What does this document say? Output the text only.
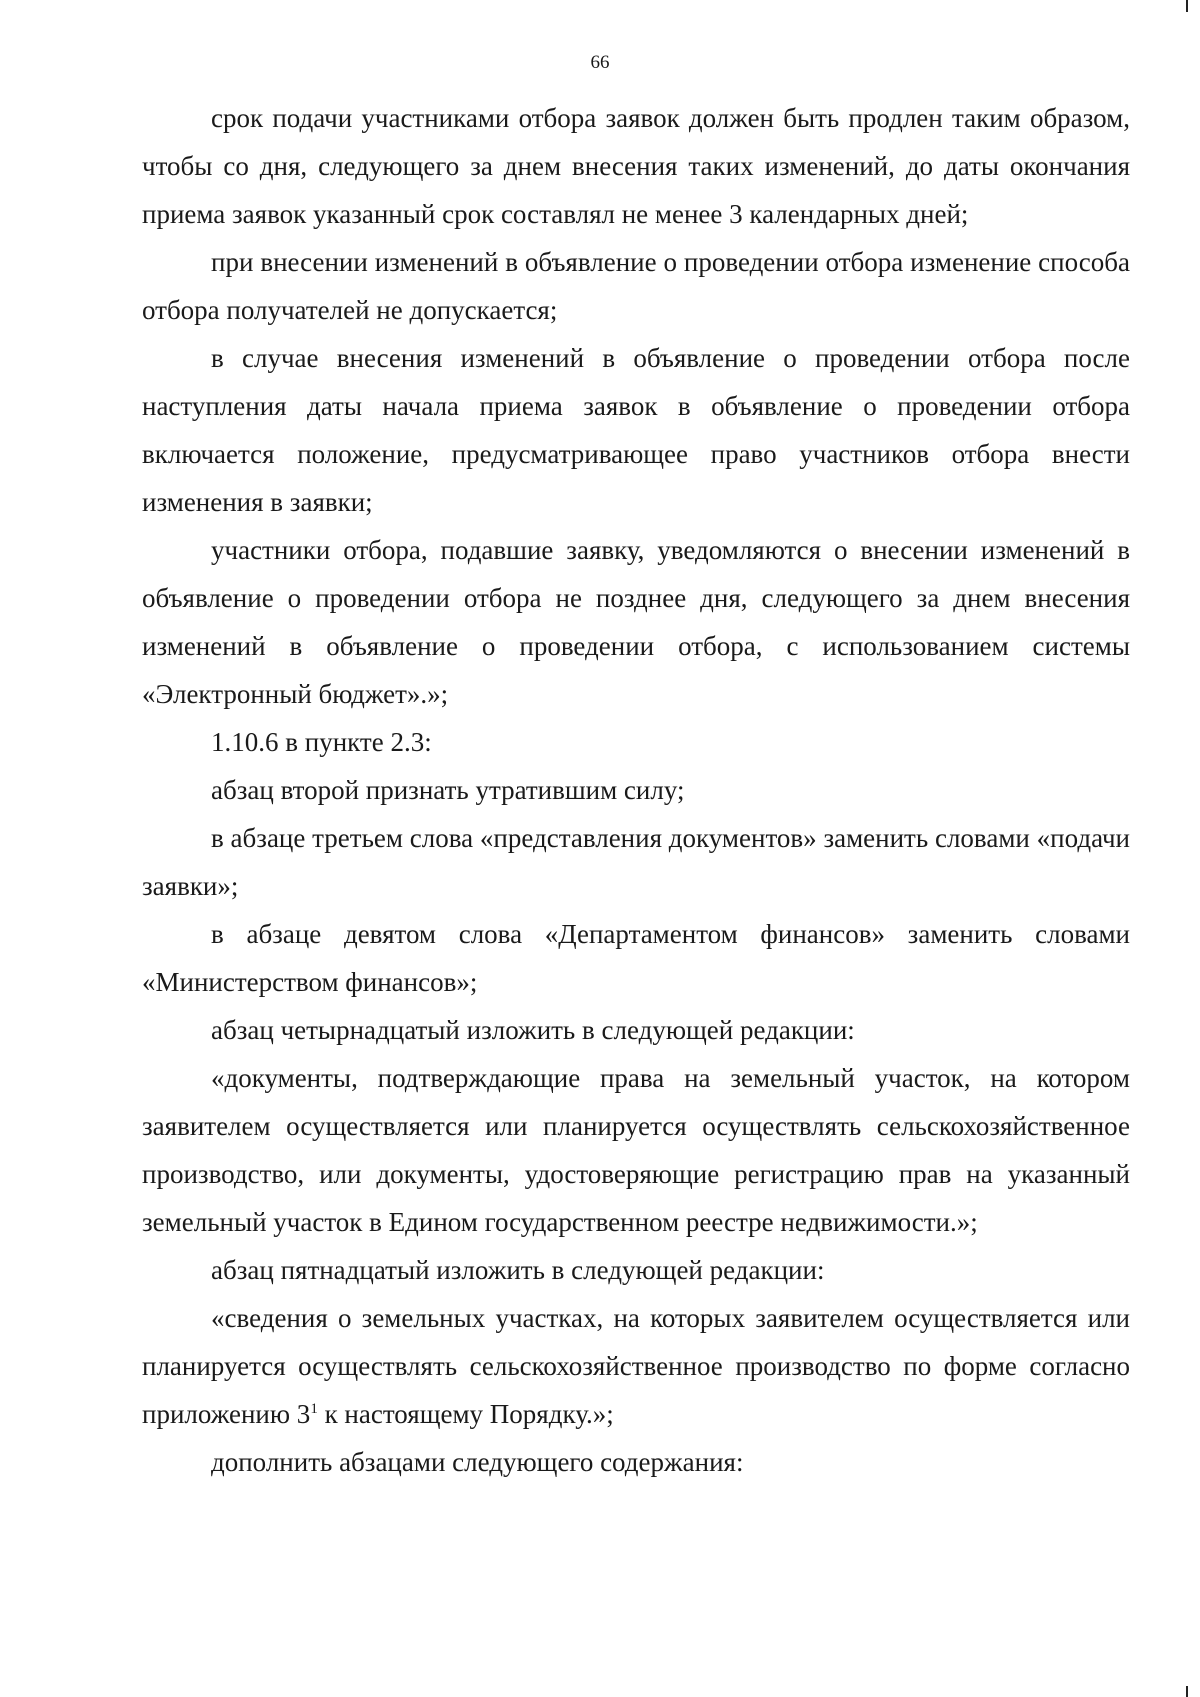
66

срок подачи участниками отбора заявок должен быть продлен таким образом, чтобы со дня, следующего за днем внесения таких изменений, до даты окончания приема заявок указанный срок составлял не менее 3 календарных дней;

при внесении изменений в объявление о проведении отбора изменение способа отбора получателей не допускается;

в случае внесения изменений в объявление о проведении отбора после наступления даты начала приема заявок в объявление о проведении отбора включается положение, предусматривающее право участников отбора внести изменения в заявки;

участники отбора, подавшие заявку, уведомляются о внесении изменений в объявление о проведении отбора не позднее дня, следующего за днем внесения изменений в объявление о проведении отбора, с использованием системы «Электронный бюджет».»;

1.10.6 в пункте 2.3:

абзац второй признать утратившим силу;

в абзаце третьем слова «представления документов» заменить словами «подачи заявки»;

в абзаце девятом слова «Департаментом финансов» заменить словами «Министерством финансов»;

абзац четырнадцатый изложить в следующей редакции:

«документы, подтверждающие права на земельный участок, на котором заявителем осуществляется или планируется осуществлять сельскохозяйственное производство, или документы, удостоверяющие регистрацию прав на указанный земельный участок в Едином государственном реестре недвижимости.»;

абзац пятнадцатый изложить в следующей редакции:

«сведения о земельных участках, на которых заявителем осуществляется или планируется осуществлять сельскохозяйственное производство по форме согласно приложению $3^1$ к настоящему Порядку.»;

дополнить абзацами следующего содержания:
